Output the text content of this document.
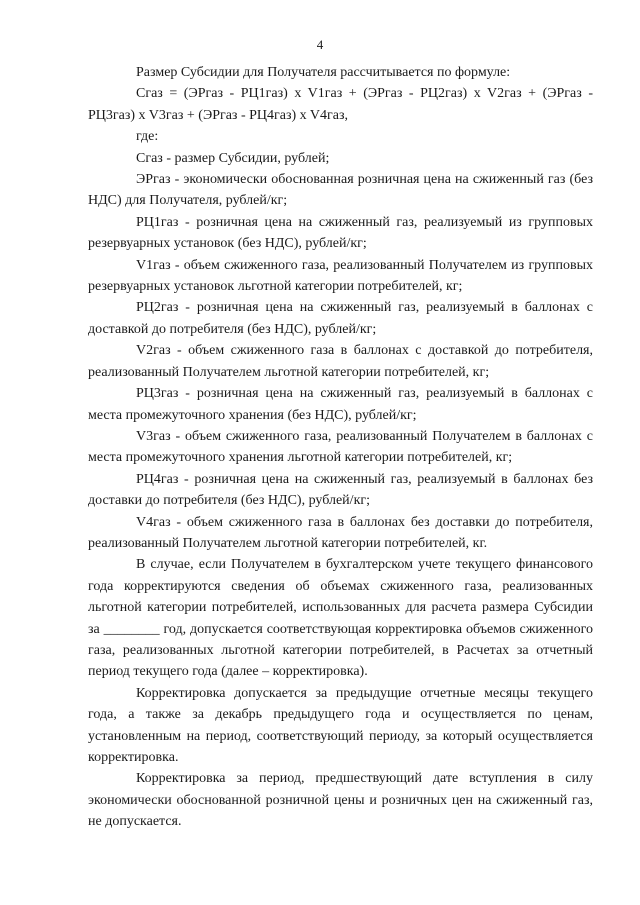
4

Размер Субсидии для Получателя рассчитывается по формуле:

Сгаз = (ЭРгаз - РЦ1газ) x V1газ + (ЭРгаз - РЦ2газ) x V2газ + (ЭРгаз - РЦ3газ) x V3газ + (ЭРгаз - РЦ4газ) x V4газ,

где:

Сгаз - размер Субсидии, рублей;

ЭРгаз - экономически обоснованная розничная цена на сжиженный газ (без НДС) для Получателя, рублей/кг;

РЦ1газ - розничная цена на сжиженный газ, реализуемый из групповых резервуарных установок (без НДС), рублей/кг;

V1газ - объем сжиженного газа, реализованный Получателем из групповых резервуарных установок льготной категории потребителей, кг;

РЦ2газ - розничная цена на сжиженный газ, реализуемый в баллонах с доставкой до потребителя (без НДС), рублей/кг;

V2газ - объем сжиженного газа в баллонах с доставкой до потребителя, реализованный Получателем льготной категории потребителей, кг;

РЦ3газ - розничная цена на сжиженный газ, реализуемый в баллонах с места промежуточного хранения (без НДС), рублей/кг;

V3газ - объем сжиженного газа, реализованный Получателем в баллонах с места промежуточного хранения льготной категории потребителей, кг;

РЦ4газ - розничная цена на сжиженный газ, реализуемый в баллонах без доставки до потребителя (без НДС), рублей/кг;

V4газ - объем сжиженного газа в баллонах без доставки до потребителя, реализованный Получателем льготной категории потребителей, кг.

В случае, если Получателем в бухгалтерском учете текущего финансового года корректируются сведения об объемах сжиженного газа, реализованных льготной категории потребителей, использованных для расчета размера Субсидии за ________ год, допускается соответствующая корректировка объемов сжиженного газа, реализованных льготной категории потребителей, в Расчетах за отчетный период текущего года (далее – корректировка).

Корректировка допускается за предыдущие отчетные месяцы текущего года, а также за декабрь предыдущего года и осуществляется по ценам, установленным на период, соответствующий периоду, за который осуществляется корректировка.

Корректировка за период, предшествующий дате вступления в силу экономически обоснованной розничной цены и розничных цен на сжиженный газ, не допускается.
